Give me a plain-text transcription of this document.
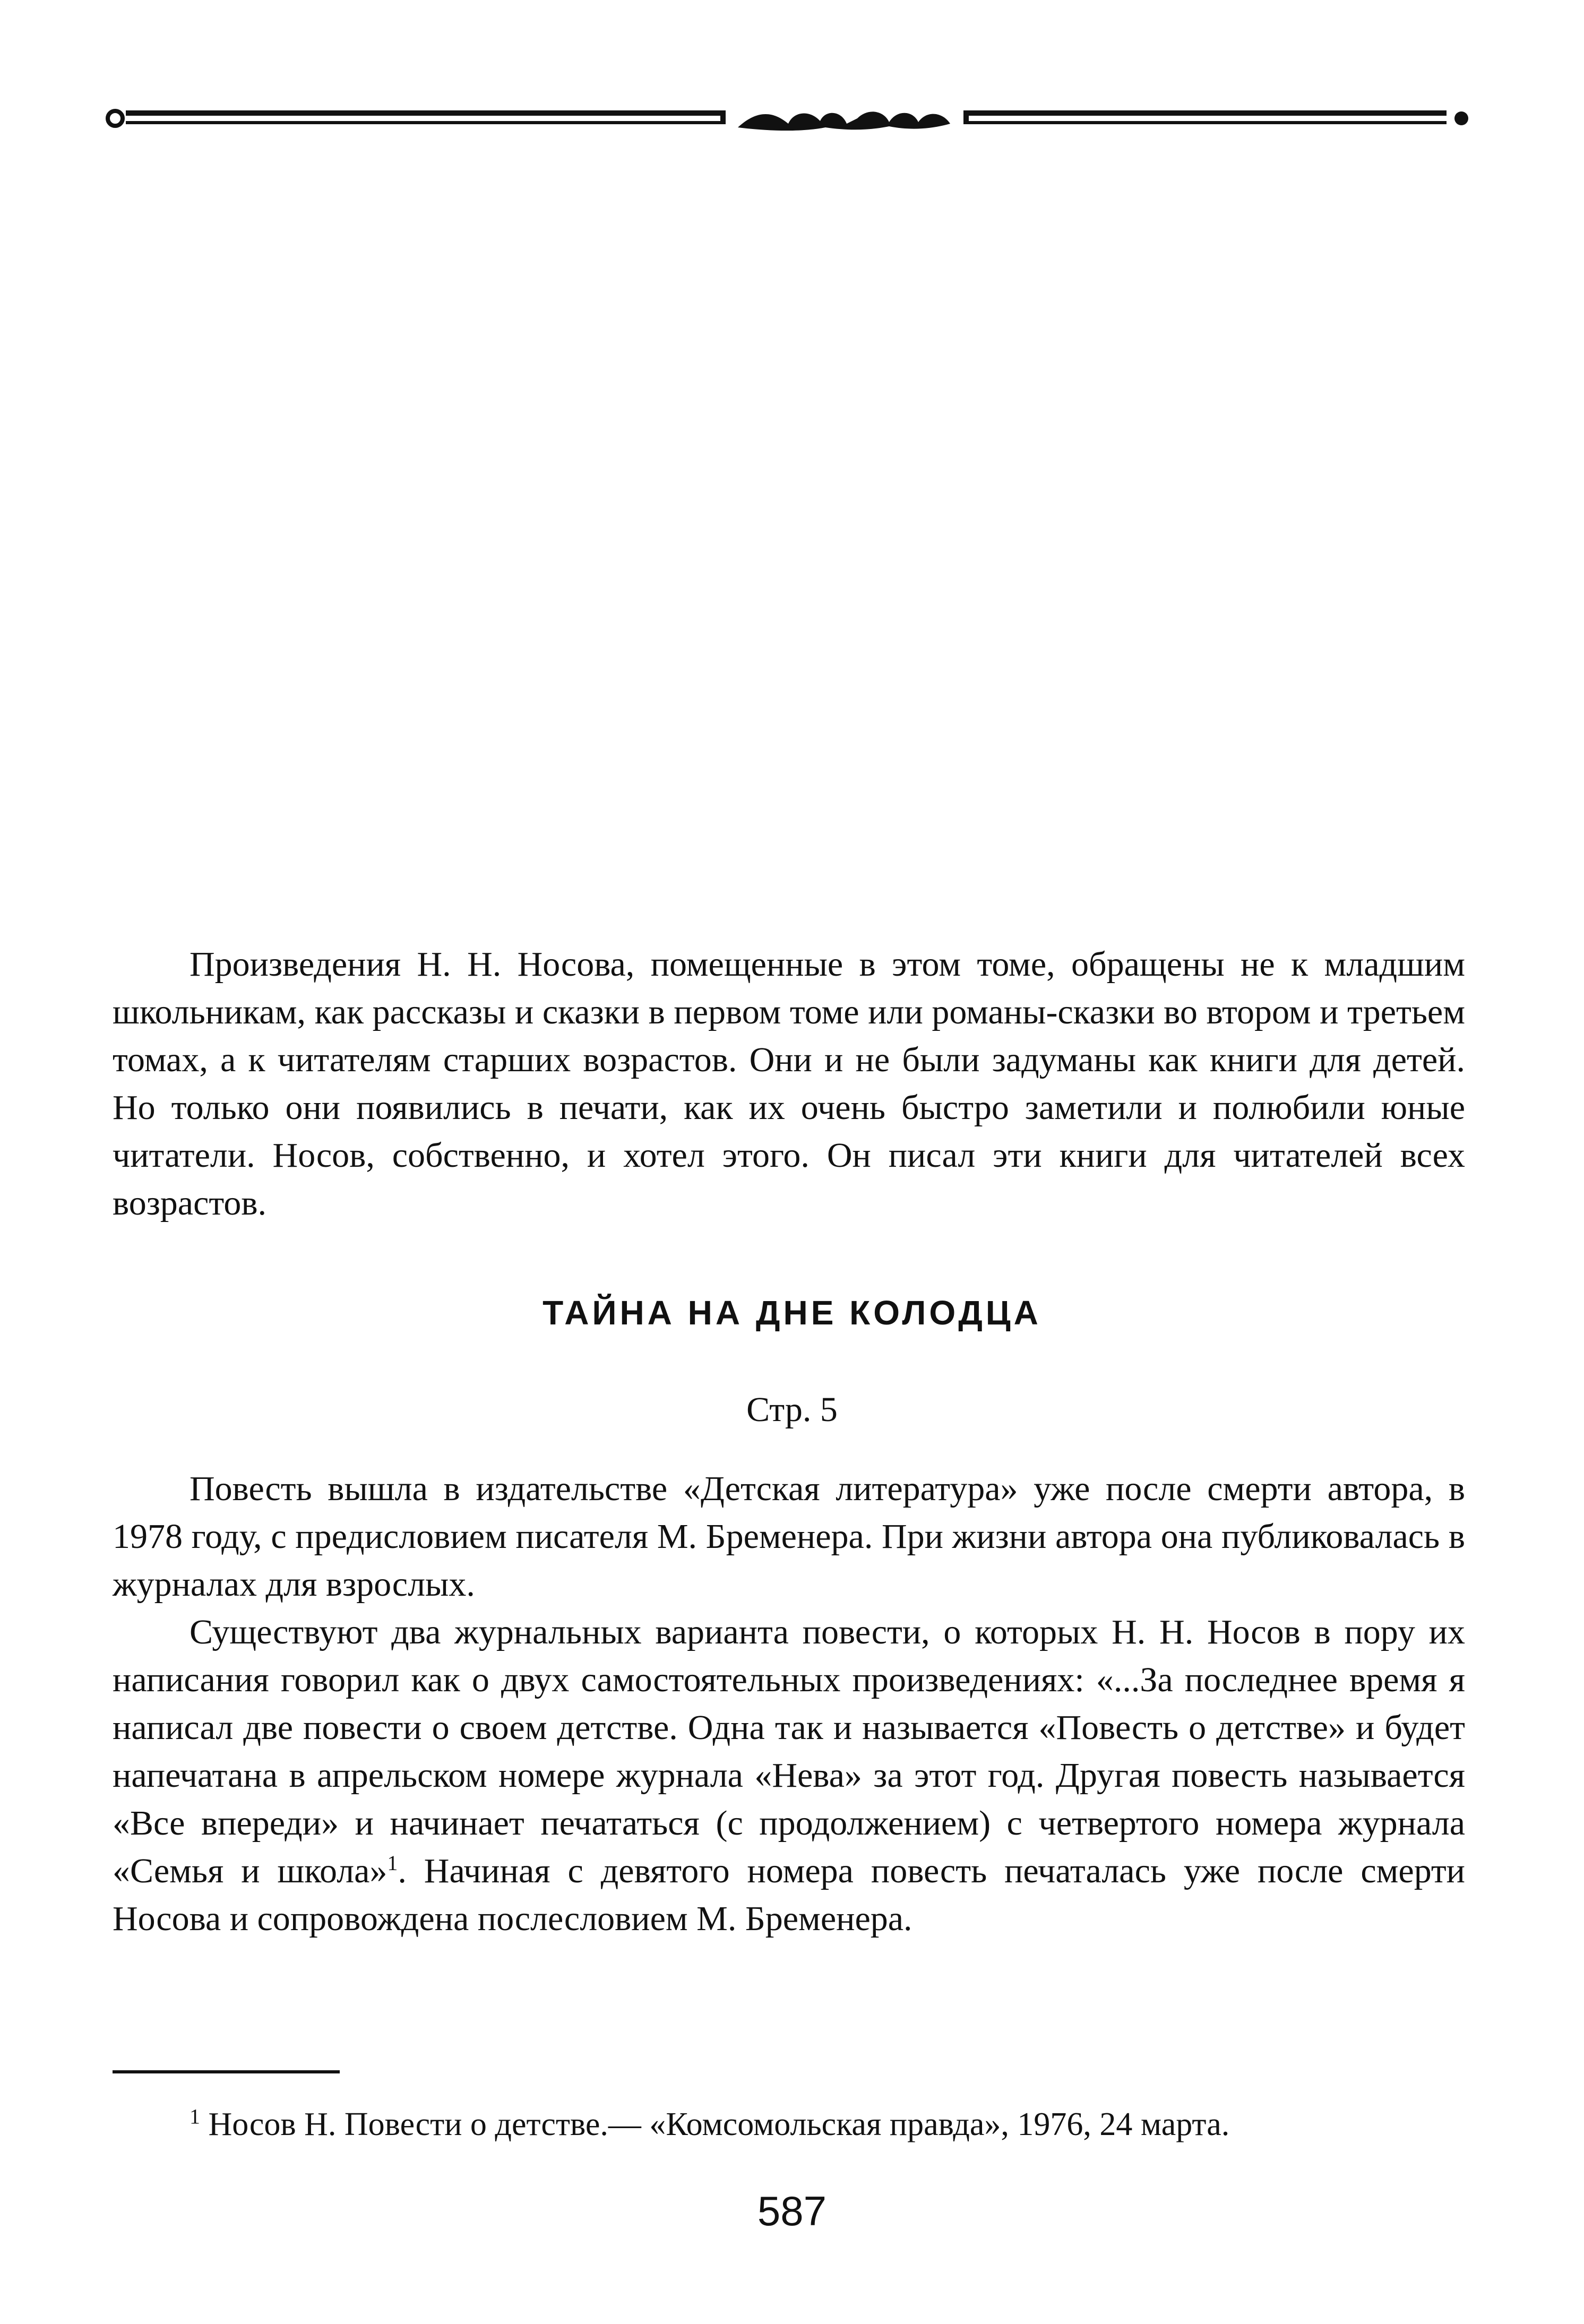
Произведения Н. Н. Носова, помещенные в этом томе, обращены не к младшим школьникам, как рассказы и сказки в первом томе или романы-сказки во втором и третьем томах, а к читателям старших возрастов. Они и не были задуманы как книги для детей. Но только они появились в печати, как их очень быстро заметили и полюбили юные читатели. Носов, собственно, и хотел этого. Он писал эти книги для читателей всех возрастов.

ТАЙНА НА ДНЕ КОЛОДЦА
Стр. 5

Повесть вышла в издательстве «Детская литература» уже после смерти автора, в 1978 году, с предисловием писателя М. Бременера. При жизни автора она публиковалась в журналах для взрослых.

Существуют два журнальных варианта повести, о которых Н. Н. Носов в пору их написания говорил как о двух самостоятельных произведениях: «...За последнее время я написал две повести о своем детстве. Одна так и называется «Повесть о детстве» и будет напечатана в апрельском номере журнала «Нева» за этот год. Другая повесть называется «Все впереди» и начинает печататься (с продолжением) с четвертого номера журнала «Семья и школа»$^1$. Начиная с девятого номера повесть печаталась уже после смерти Носова и сопровождена послесловием М. Бременера.

$^1$ Носов Н. Повести о детстве.— «Комсомольская правда», 1976, 24 марта.
587
